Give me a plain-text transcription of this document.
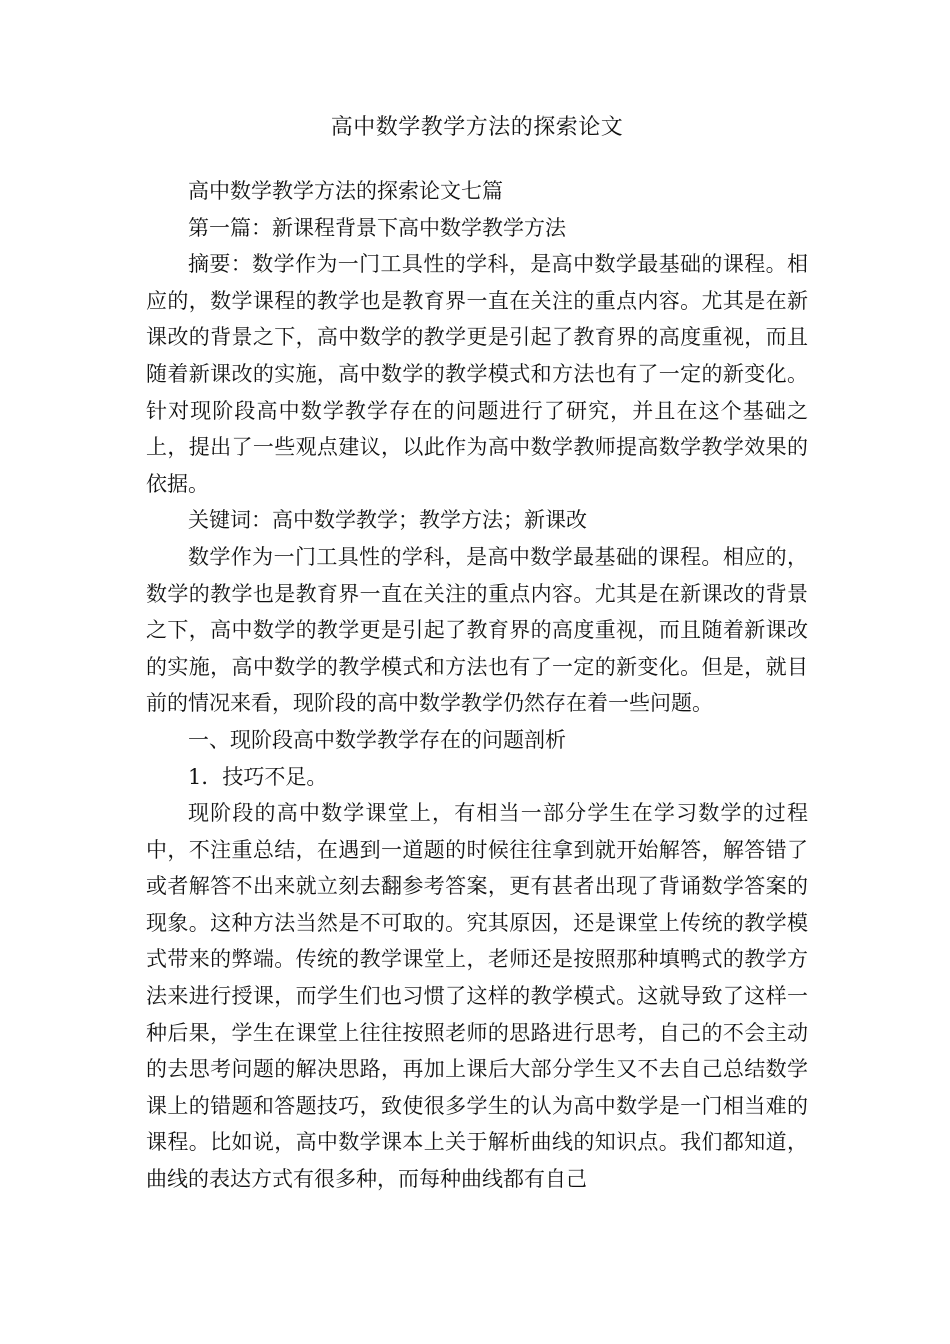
高中数学教学方法的探索论文

高中数学教学方法的探索论文七篇

第一篇：新课程背景下高中数学教学方法

摘要：数学作为一门工具性的学科，是高中数学最基础的课程。相应的，数学课程的教学也是教育界一直在关注的重点内容。尤其是在新课改的背景之下，高中数学的教学更是引起了教育界的高度重视，而且随着新课改的实施，高中数学的教学模式和方法也有了一定的新变化。针对现阶段高中数学教学存在的问题进行了研究，并且在这个基础之上，提出了一些观点建议，以此作为高中数学教师提高数学教学效果的依据。

关键词：高中数学教学；教学方法；新课改

数学作为一门工具性的学科，是高中数学最基础的课程。相应的，数学的教学也是教育界一直在关注的重点内容。尤其是在新课改的背景之下，高中数学的教学更是引起了教育界的高度重视，而且随着新课改的实施，高中数学的教学模式和方法也有了一定的新变化。但是，就目前的情况来看，现阶段的高中数学教学仍然存在着一些问题。

一、现阶段高中数学教学存在的问题剖析

1．技巧不足。

现阶段的高中数学课堂上，有相当一部分学生在学习数学的过程中，不注重总结，在遇到一道题的时候往往拿到就开始解答，解答错了或者解答不出来就立刻去翻参考答案，更有甚者出现了背诵数学答案的现象。这种方法当然是不可取的。究其原因，还是课堂上传统的教学模式带来的弊端。传统的教学课堂上，老师还是按照那种填鸭式的教学方法来进行授课，而学生们也习惯了这样的教学模式。这就导致了这样一种后果，学生在课堂上往往按照老师的思路进行思考，自己的不会主动的去思考问题的解决思路，再加上课后大部分学生又不去自己总结数学课上的错题和答题技巧，致使很多学生的认为高中数学是一门相当难的课程。比如说，高中数学课本上关于解析曲线的知识点。我们都知道，曲线的表达方式有很多种，而每种曲线都有自己
